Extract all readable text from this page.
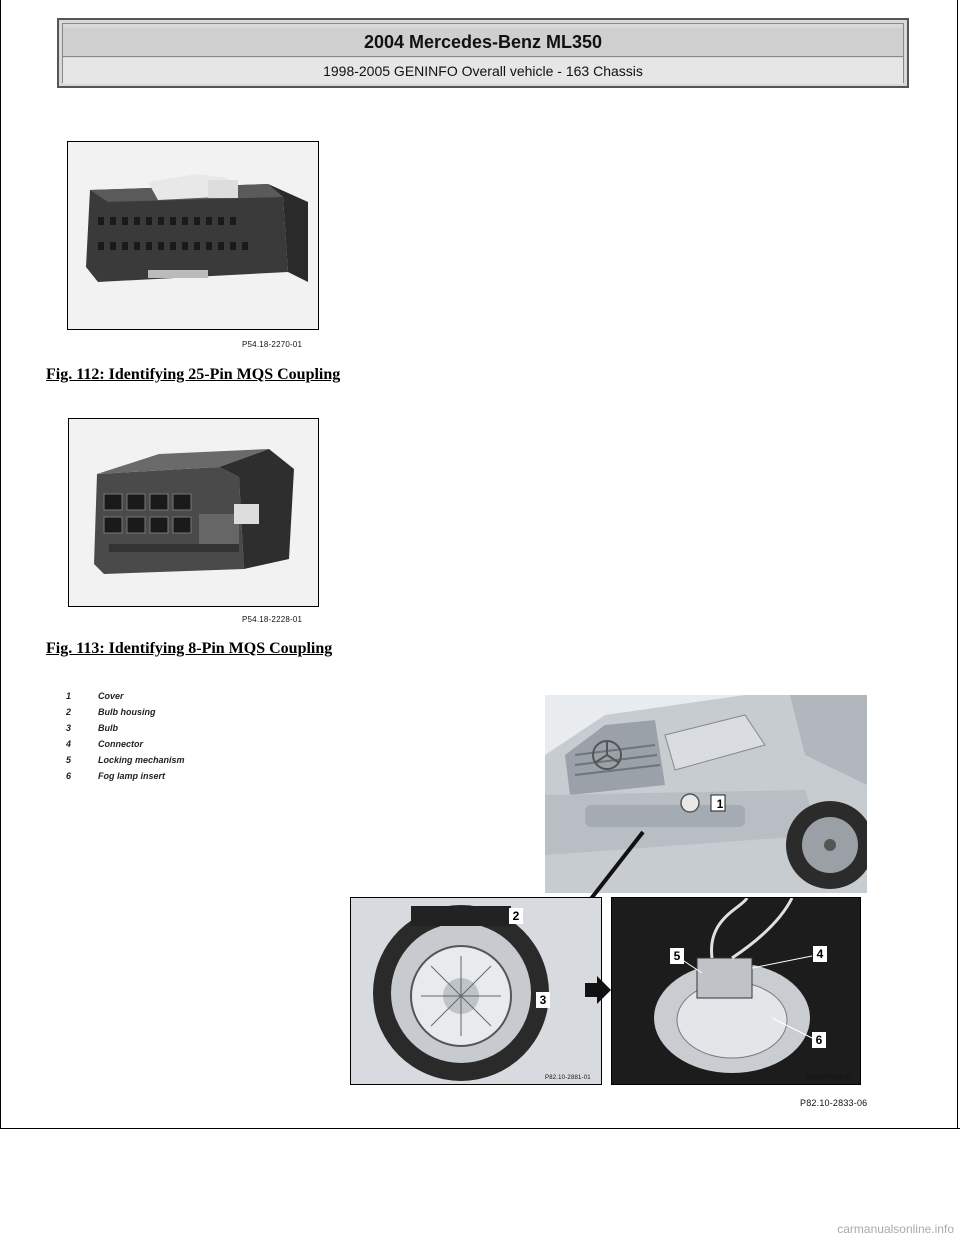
2004 Mercedes-Benz ML350
1998-2005 GENINFO Overall vehicle - 163 Chassis
P54.18-2270-01
Fig. 112: Identifying 25-Pin MQS Coupling
P54.18-2228-01
Fig. 113: Identifying 8-Pin MQS Coupling
1	Cover
2	Bulb housing
3	Bulb
4	Connector
5	Locking mechanism
6	Fog lamp insert
1
2
3
P82.10-2881-01
5	4
6
P82.10-2882-01
P82.10-2833-06
carmanualsonline.info
